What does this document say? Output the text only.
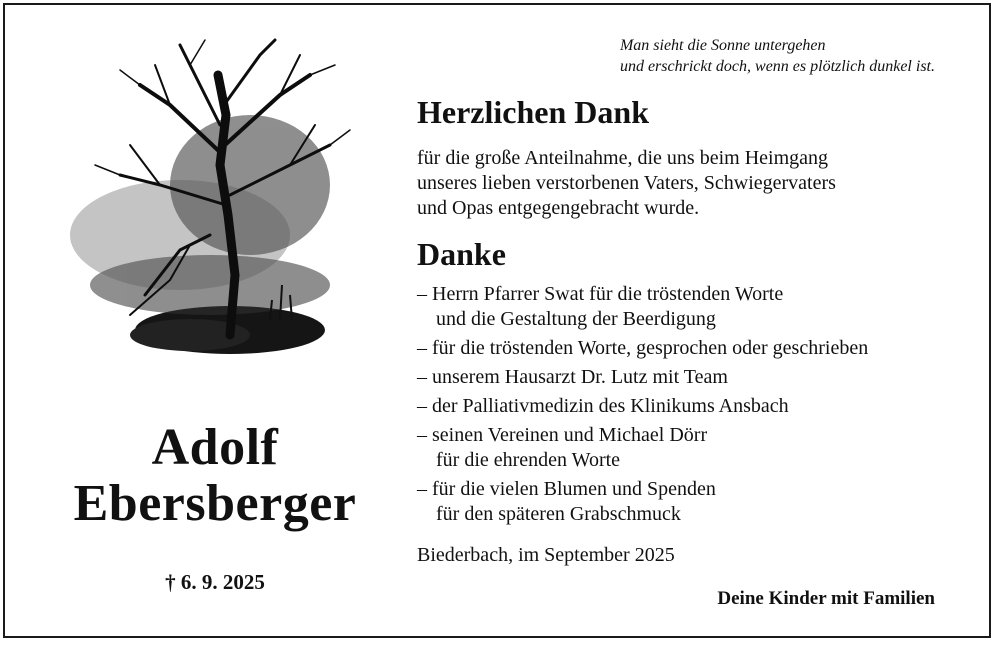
Adolf
Ebersberger
† 6. 9. 2025
Man sieht die Sonne untergehen
und erschrickt doch, wenn es plötzlich dunkel ist.
Herzlichen Dank
für die große Anteilnahme, die uns beim Heimgang
unseres lieben verstorbenen Vaters, Schwiegervaters
und Opas entgegengebracht wurde.
Danke
– Herrn Pfarrer Swat für die tröstenden Worte
und die Gestaltung der Beerdigung
– für die tröstenden Worte, gesprochen oder geschrieben
– unserem Hausarzt Dr. Lutz mit Team
– der Palliativmedizin des Klinikums Ansbach
– seinen Vereinen und Michael Dörr
für die ehrenden Worte
– für die vielen Blumen und Spenden
für den späteren Grabschmuck
Biederbach, im September 2025
Deine Kinder mit Familien
